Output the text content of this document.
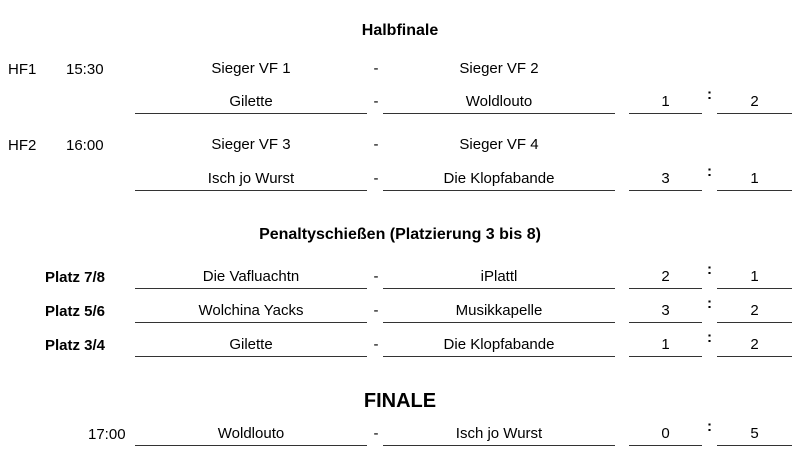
Halbfinale
Penaltyschießen (Platzierung 3 bis 8)
FINALE
HF1 15:30	Sieger VF 1	-	Sieger VF 2
Gilette	-	Woldlouto	1	:	2
HF2 16:00	Sieger VF 3	-	Sieger VF 4
Isch jo Wurst	-	Die Klopfabande	3	:	1
Platz 7/8	Die Vafluachtn	-	iPlattl	2	:	1
Platz 5/6	Wolchina Yacks	-	Musikkapelle	3	:	2
Platz 3/4	Gilette	-	Die Klopfabande	1	:	2
17:00	Woldlouto	-	Isch jo Wurst	0	:	5
